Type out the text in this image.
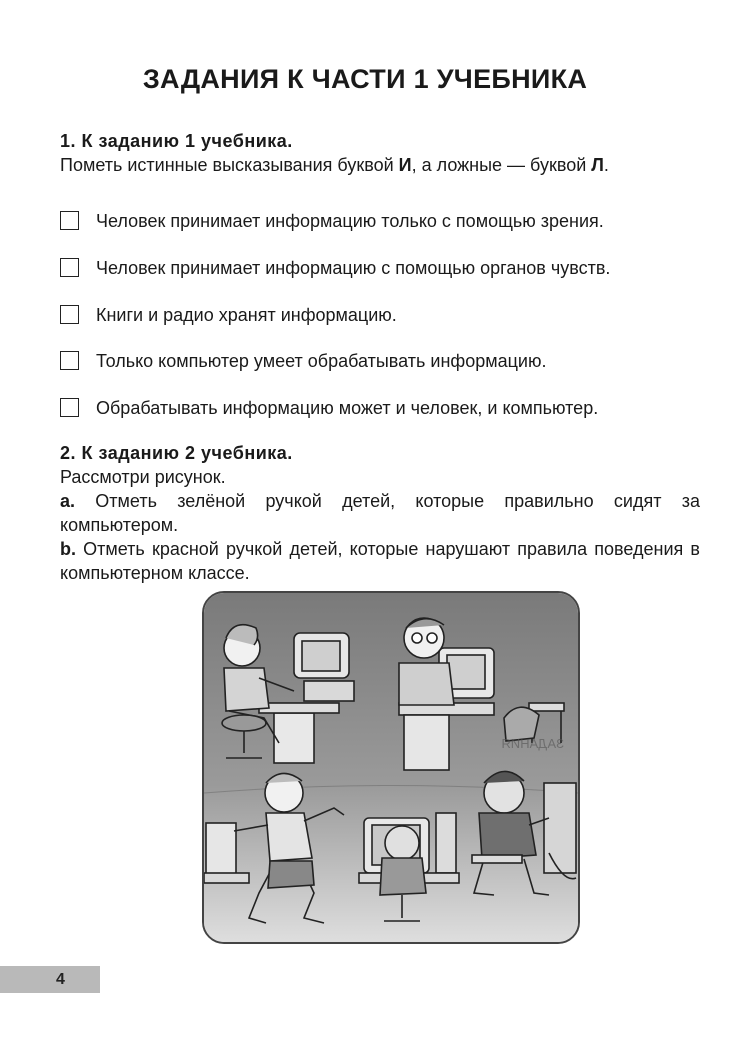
ЗАДАНИЯ К ЧАСТИ 1 УЧЕБНИКА
1. К заданию 1 учебника.
Пометь истинные высказывания буквой И, а ложные — буквой Л.
Человек принимает информацию только с помощью зрения.
Человек принимает информацию с помощью органов чувств.
Книги и радио хранят информацию.
Только компьютер умеет обрабатывать информацию.
Обрабатывать информацию может и человек, и компьютер.
2. К заданию 2 учебника.
Рассмотри рисунок.
а. Отметь зелёной ручкой детей, которые правильно сидят за компьютером.
b. Отметь красной ручкой детей, которые нарушают правила поведения в компьютерном классе.
ЗАДАНИЯ
4
